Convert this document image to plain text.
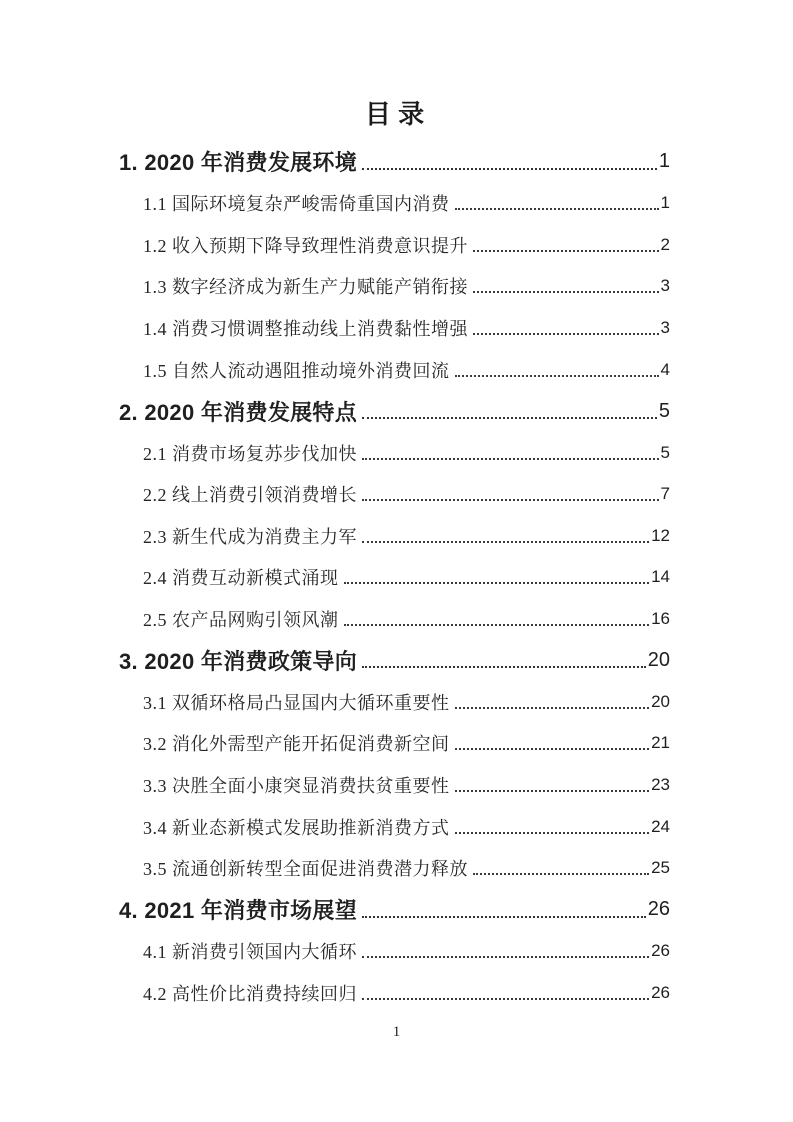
目 录
1. 2020 年消费发展环境	1
1.1 国际环境复杂严峻需倚重国内消费	1
1.2 收入预期下降导致理性消费意识提升	2
1.3 数字经济成为新生产力赋能产销衔接	3
1.4 消费习惯调整推动线上消费黏性增强	3
1.5 自然人流动遇阻推动境外消费回流	4
2. 2020 年消费发展特点	5
2.1 消费市场复苏步伐加快	5
2.2 线上消费引领消费增长	7
2.3 新生代成为消费主力军	12
2.4 消费互动新模式涌现	14
2.5 农产品网购引领风潮	16
3. 2020 年消费政策导向	20
3.1 双循环格局凸显国内大循环重要性	20
3.2 消化外需型产能开拓促消费新空间	21
3.3 决胜全面小康突显消费扶贫重要性	23
3.4 新业态新模式发展助推新消费方式	24
3.5 流通创新转型全面促进消费潜力释放	25
4. 2021 年消费市场展望	26
4.1 新消费引领国内大循环	26
4.2 高性价比消费持续回归	26
1
